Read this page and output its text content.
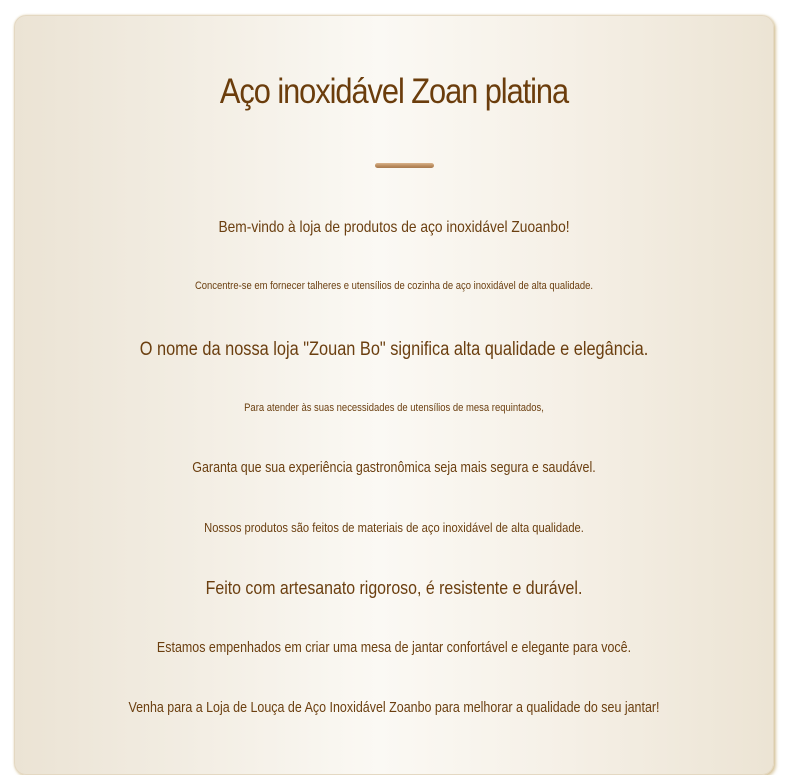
Aço inoxidável Zoan platina

Bem-vindo à loja de produtos de aço inoxidável Zuoanbo!

Concentre-se em fornecer talheres e utensílios de cozinha de aço inoxidável de alta qualidade.

O nome da nossa loja "Zouan Bo" significa alta qualidade e elegância.

Para atender às suas necessidades de utensílios de mesa requintados,

Garanta que sua experiência gastronômica seja mais segura e saudável.

Nossos produtos são feitos de materiais de aço inoxidável de alta qualidade.

Feito com artesanato rigoroso, é resistente e durável.

Estamos empenhados em criar uma mesa de jantar confortável e elegante para você.

Venha para a Loja de Louça de Aço Inoxidável Zoanbo para melhorar a qualidade do seu jantar!
